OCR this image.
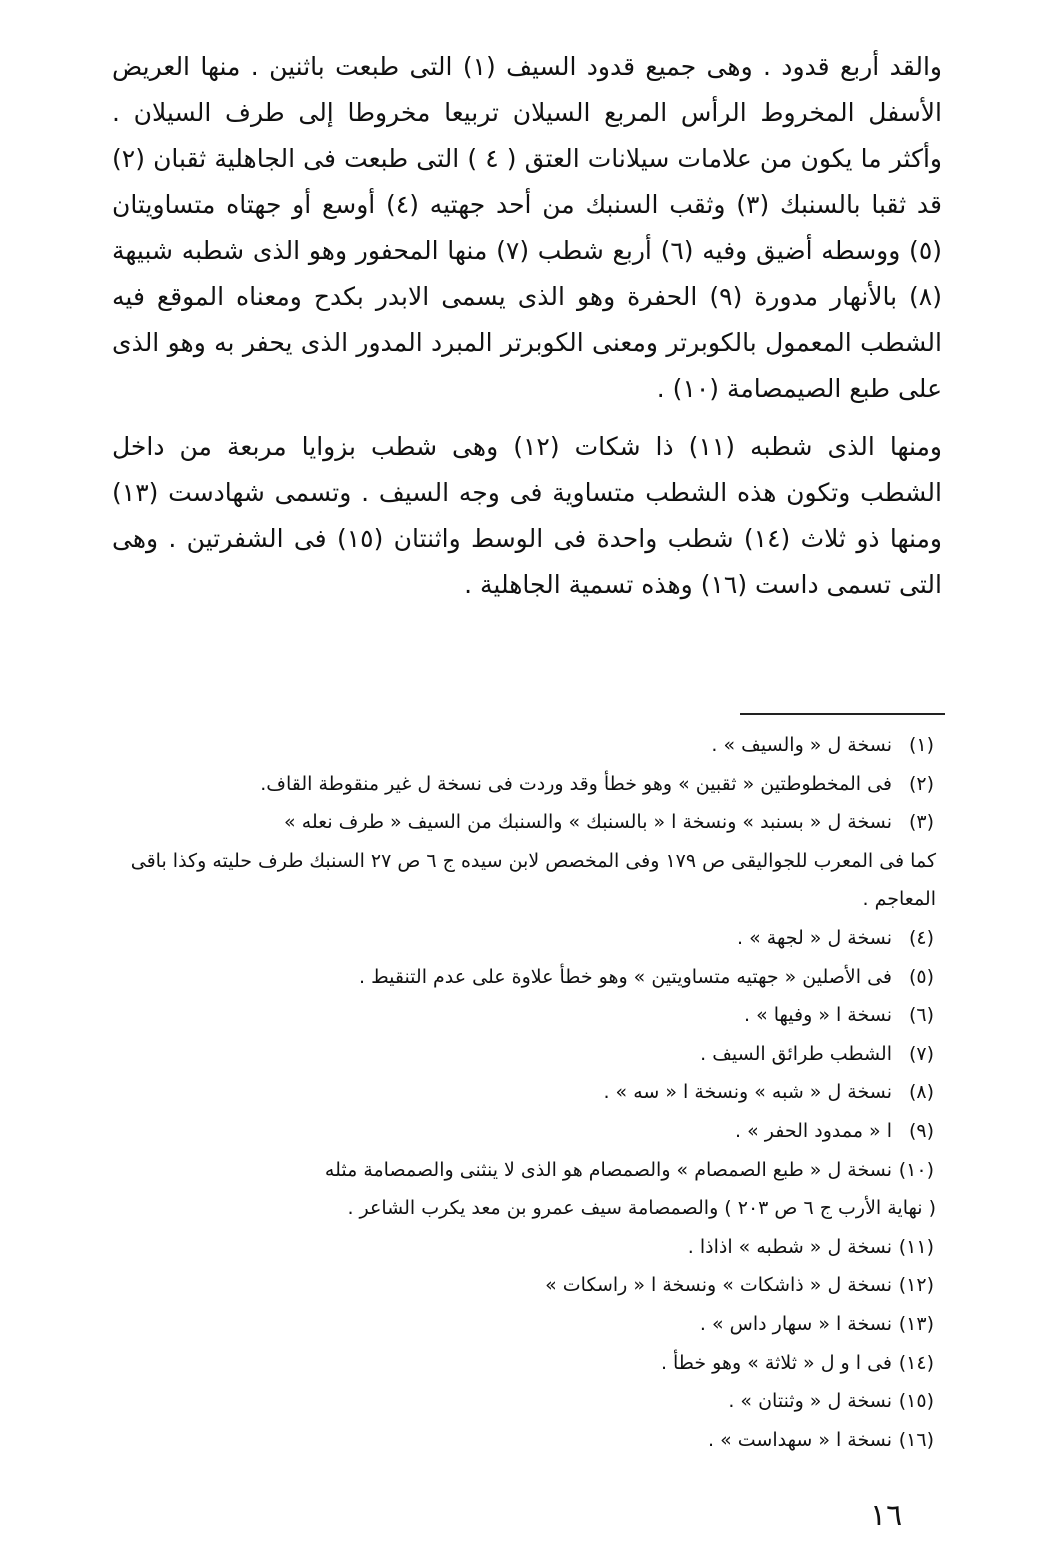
والقد أربع قدود . وهى جميع قدود السيف (١) التى طبعت باثنين . منها العريض الأسفل المخروط الرأس المربع السيلان تربيعا مخروطا إلى طرف السيلان . وأكثر ما يكون من علامات سيلانات العتق ( ٤ ) التى طبعت فى الجاهلية ثقبان (٢) قد ثقبا بالسنبك (٣) وثقب السنبك من أحد جهتيه (٤) أوسع أو جهتاه متساويتان (٥) ووسطه أضيق وفيه (٦) أربع شطب (٧) منها المحفور وهو الذى شطبه شبيهة (٨) بالأنهار مدورة (٩) الحفرة وهو الذى يسمى الابدر بكدح ومعناه الموقع فيه الشطب المعمول بالكوبرتر ومعنى الكوبرتر المبرد المدور الذى يحفر به وهو الذى على طبع الصيمصامة (١٠) .

ومنها الذى شطبه (١١) ذا شكات (١٢) وهى شطب بزوايا مربعة من داخل الشطب وتكون هذه الشطب متساوية فى وجه السيف . وتسمى شهادست (١٣) ومنها ذو ثلاث (١٤) شطب واحدة فى الوسط واثنتان (١٥) فى الشفرتين . وهى التى تسمى داست (١٦) وهذه تسمية الجاهلية .

(١)
نسخة ل « والسيف » .
(٢)
فى المخطوطتين « ثقبين » وهو خطأ وقد وردت فى نسخة ل غير منقوطة القاف.
(٣)
نسخة ل « بسنبد » ونسخة ا « بالسنبك » والسنبك من السيف « طرف نعله »
كما فى المعرب للجواليقى ص ١٧٩ وفى المخصص لابن سيده ج ٦ ص ٢٧ السنبك طرف حليته وكذا باقى المعاجم .
(٤)
نسخة ل « لجهة » .
(٥)
فى الأصلين « جهتيه متساويتين » وهو خطأ علاوة على عدم التنقيط .
(٦)
نسخة ا « وفيها » .
(٧)
الشطب طرائق السيف .
(٨)
نسخة ل « شبه » ونسخة ا « سه » .
(٩)
ا « ممدود الحفر » .
(١٠)
نسخة ل « طبع الصمصام » والصمصام هو الذى لا ينثنى والصمصامة مثله
( نهاية الأرب ج ٦ ص ٢٠٣ ) والصمصامة سيف عمرو بن معد يكرب الشاعر .
(١١)
نسخة ل « شطبه » اذاذا .
(١٢)
نسخة ل « ذاشكات » ونسخة ا « راسكات »
(١٣)
نسخة ا « سهار داس » .
(١٤)
فى ا و ل « ثلاثة » وهو خطأ .
(١٥)
نسخة ل « وثنتان » .
(١٦)
نسخة ا « سهداست » .
١٦
